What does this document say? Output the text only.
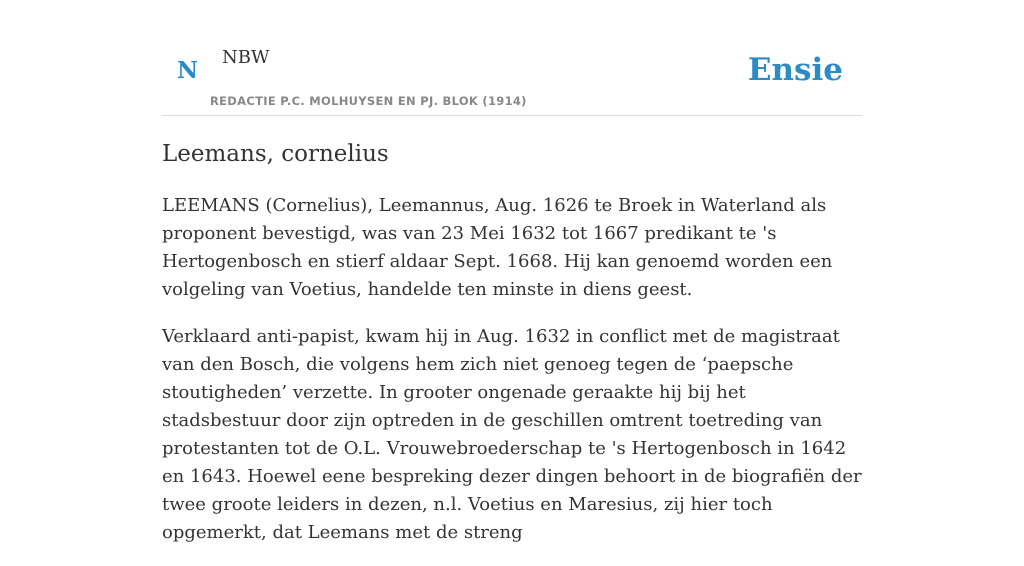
N NBW
REDACTIE P.C. MOLHUYSEN EN PJ. BLOK (1914)
Ensie
Leemans, cornelius

LEEMANS (Cornelius), Leemannus, Aug. 1626 te Broek in Waterland als proponent bevestigd, was van 23 Mei 1632 tot 1667 predikant te 's Hertogenbosch en stierf aldaar Sept. 1668. Hij kan genoemd worden een volgeling van Voetius, handelde ten minste in diens geest.

Verklaard anti-papist, kwam hij in Aug. 1632 in conflict met de magistraat van den Bosch, die volgens hem zich niet genoeg tegen de ‘paepsche stoutigheden’ verzette. In grooter ongenade geraakte hij bij het stadsbestuur door zijn optreden in de geschillen omtrent toetreding van protestanten tot de O.L. Vrouwebroederschap te 's Hertogenbosch in 1642 en 1643. Hoewel eene bespreking dezer dingen behoort in de biografiën der twee groote leiders in dezen, n.l. Voetius en Maresius, zij hier toch opgemerkt, dat Leemans met de streng
